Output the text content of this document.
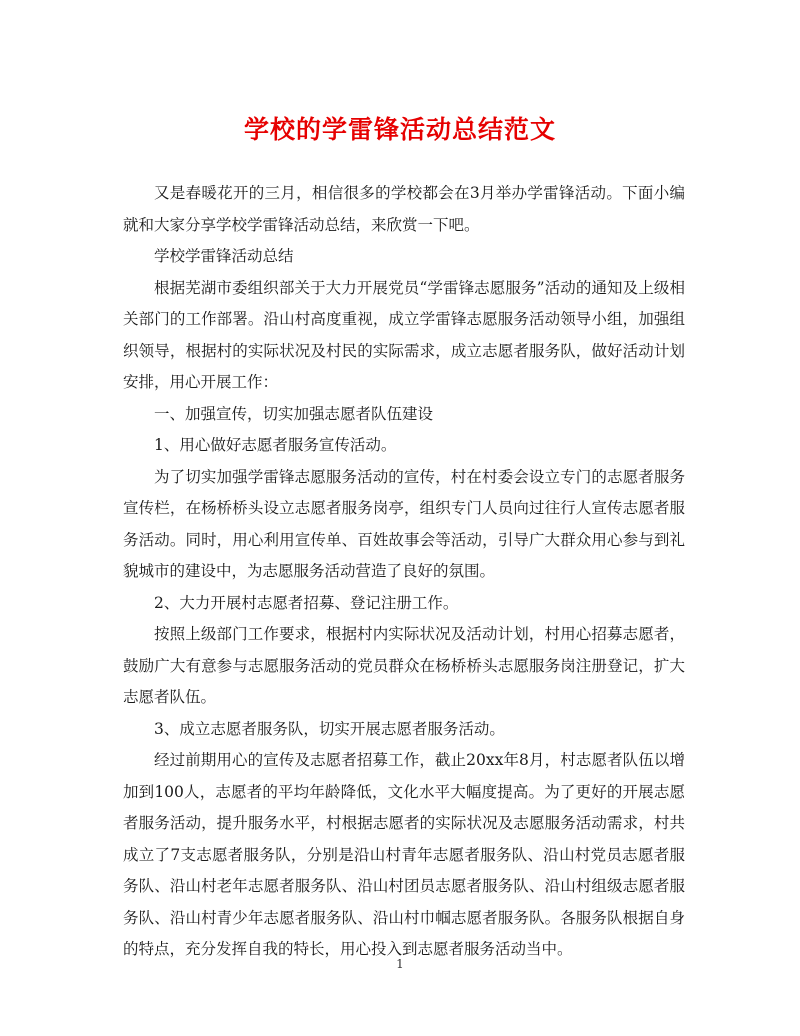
学校的学雷锋活动总结范文

又是春暖花开的三月，相信很多的学校都会在3月举办学雷锋活动。下面小编就和大家分享学校学雷锋活动总结，来欣赏一下吧。

学校学雷锋活动总结

根据芜湖市委组织部关于大力开展党员“学雷锋志愿服务”活动的通知及上级相关部门的工作部署。沿山村高度重视，成立学雷锋志愿服务活动领导小组，加强组织领导，根据村的实际状况及村民的实际需求，成立志愿者服务队，做好活动计划安排，用心开展工作：

一、加强宣传，切实加强志愿者队伍建设

1、用心做好志愿者服务宣传活动。

为了切实加强学雷锋志愿服务活动的宣传，村在村委会设立专门的志愿者服务宣传栏，在杨桥桥头设立志愿者服务岗亭，组织专门人员向过往行人宣传志愿者服务活动。同时，用心利用宣传单、百姓故事会等活动，引导广大群众用心参与到礼貌城市的建设中，为志愿服务活动营造了良好的氛围。

2、大力开展村志愿者招募、登记注册工作。

按照上级部门工作要求，根据村内实际状况及活动计划，村用心招募志愿者，鼓励广大有意参与志愿服务活动的党员群众在杨桥桥头志愿服务岗注册登记，扩大志愿者队伍。

3、成立志愿者服务队，切实开展志愿者服务活动。

经过前期用心的宣传及志愿者招募工作，截止20xx年8月，村志愿者队伍以增加到100人，志愿者的平均年龄降低，文化水平大幅度提高。为了更好的开展志愿者服务活动，提升服务水平，村根据志愿者的实际状况及志愿服务活动需求，村共成立了7支志愿者服务队，分别是沿山村青年志愿者服务队、沿山村党员志愿者服务队、沿山村老年志愿者服务队、沿山村团员志愿者服务队、沿山村组级志愿者服务队、沿山村青少年志愿者服务队、沿山村巾帼志愿者服务队。各服务队根据自身的特点，充分发挥自我的特长，用心投入到志愿者服务活动当中。

1
